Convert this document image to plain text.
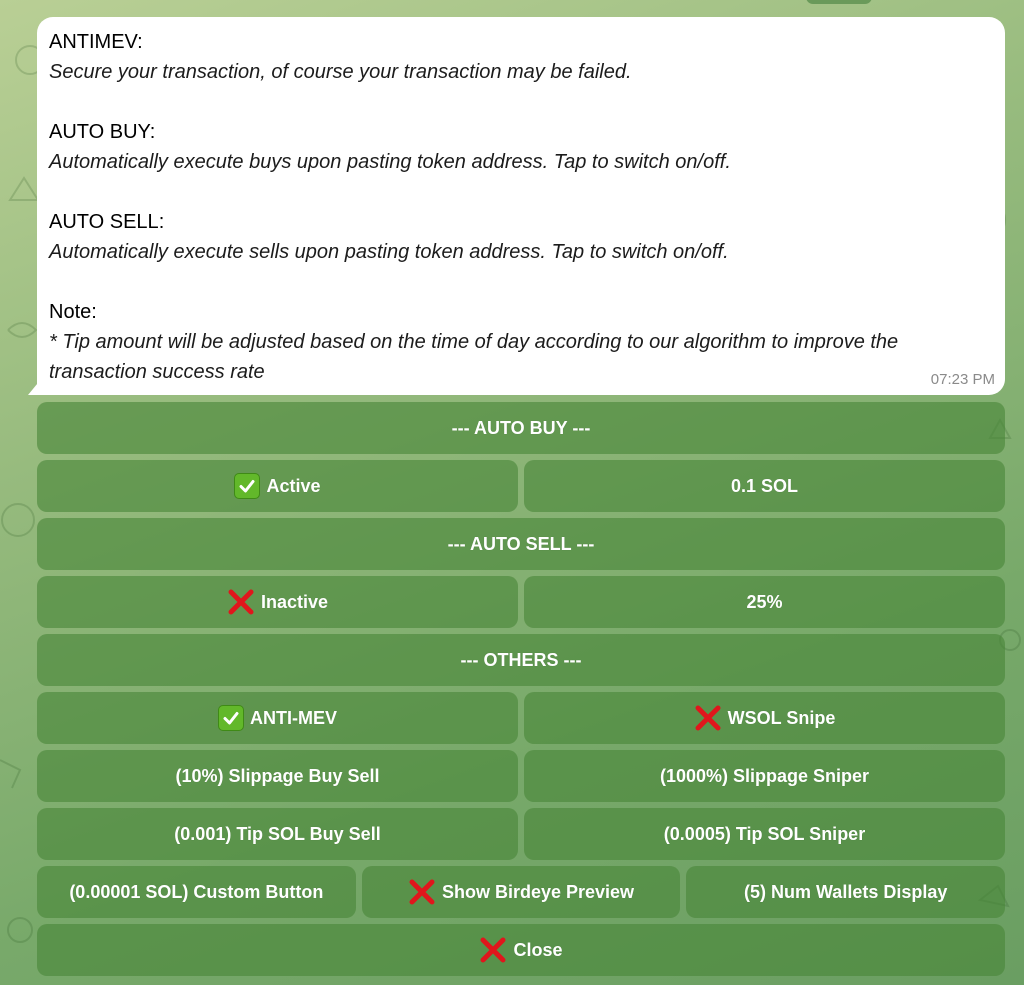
ANTIMEV:
Secure your transaction, of course your transaction may be failed.
AUTO BUY:
Automatically execute buys upon pasting token address. Tap to switch on/off.
AUTO SELL:
Automatically execute sells upon pasting token address. Tap to switch on/off.
Note:
* Tip amount will be adjusted based on the time of day according to our algorithm to improve the transaction success rate	07:23 PM
--- AUTO BUY ---
Active	0.1 SOL
--- AUTO SELL ---
Inactive	25%
--- OTHERS ---
ANTI-MEV	WSOL Snipe
(10%) Slippage Buy Sell	(1000%) Slippage Sniper
(0.001) Tip SOL Buy Sell	(0.0005) Tip SOL Sniper
(0.00001 SOL) Custom Button	Show Birdeye Preview	(5) Num Wallets Display
Close
